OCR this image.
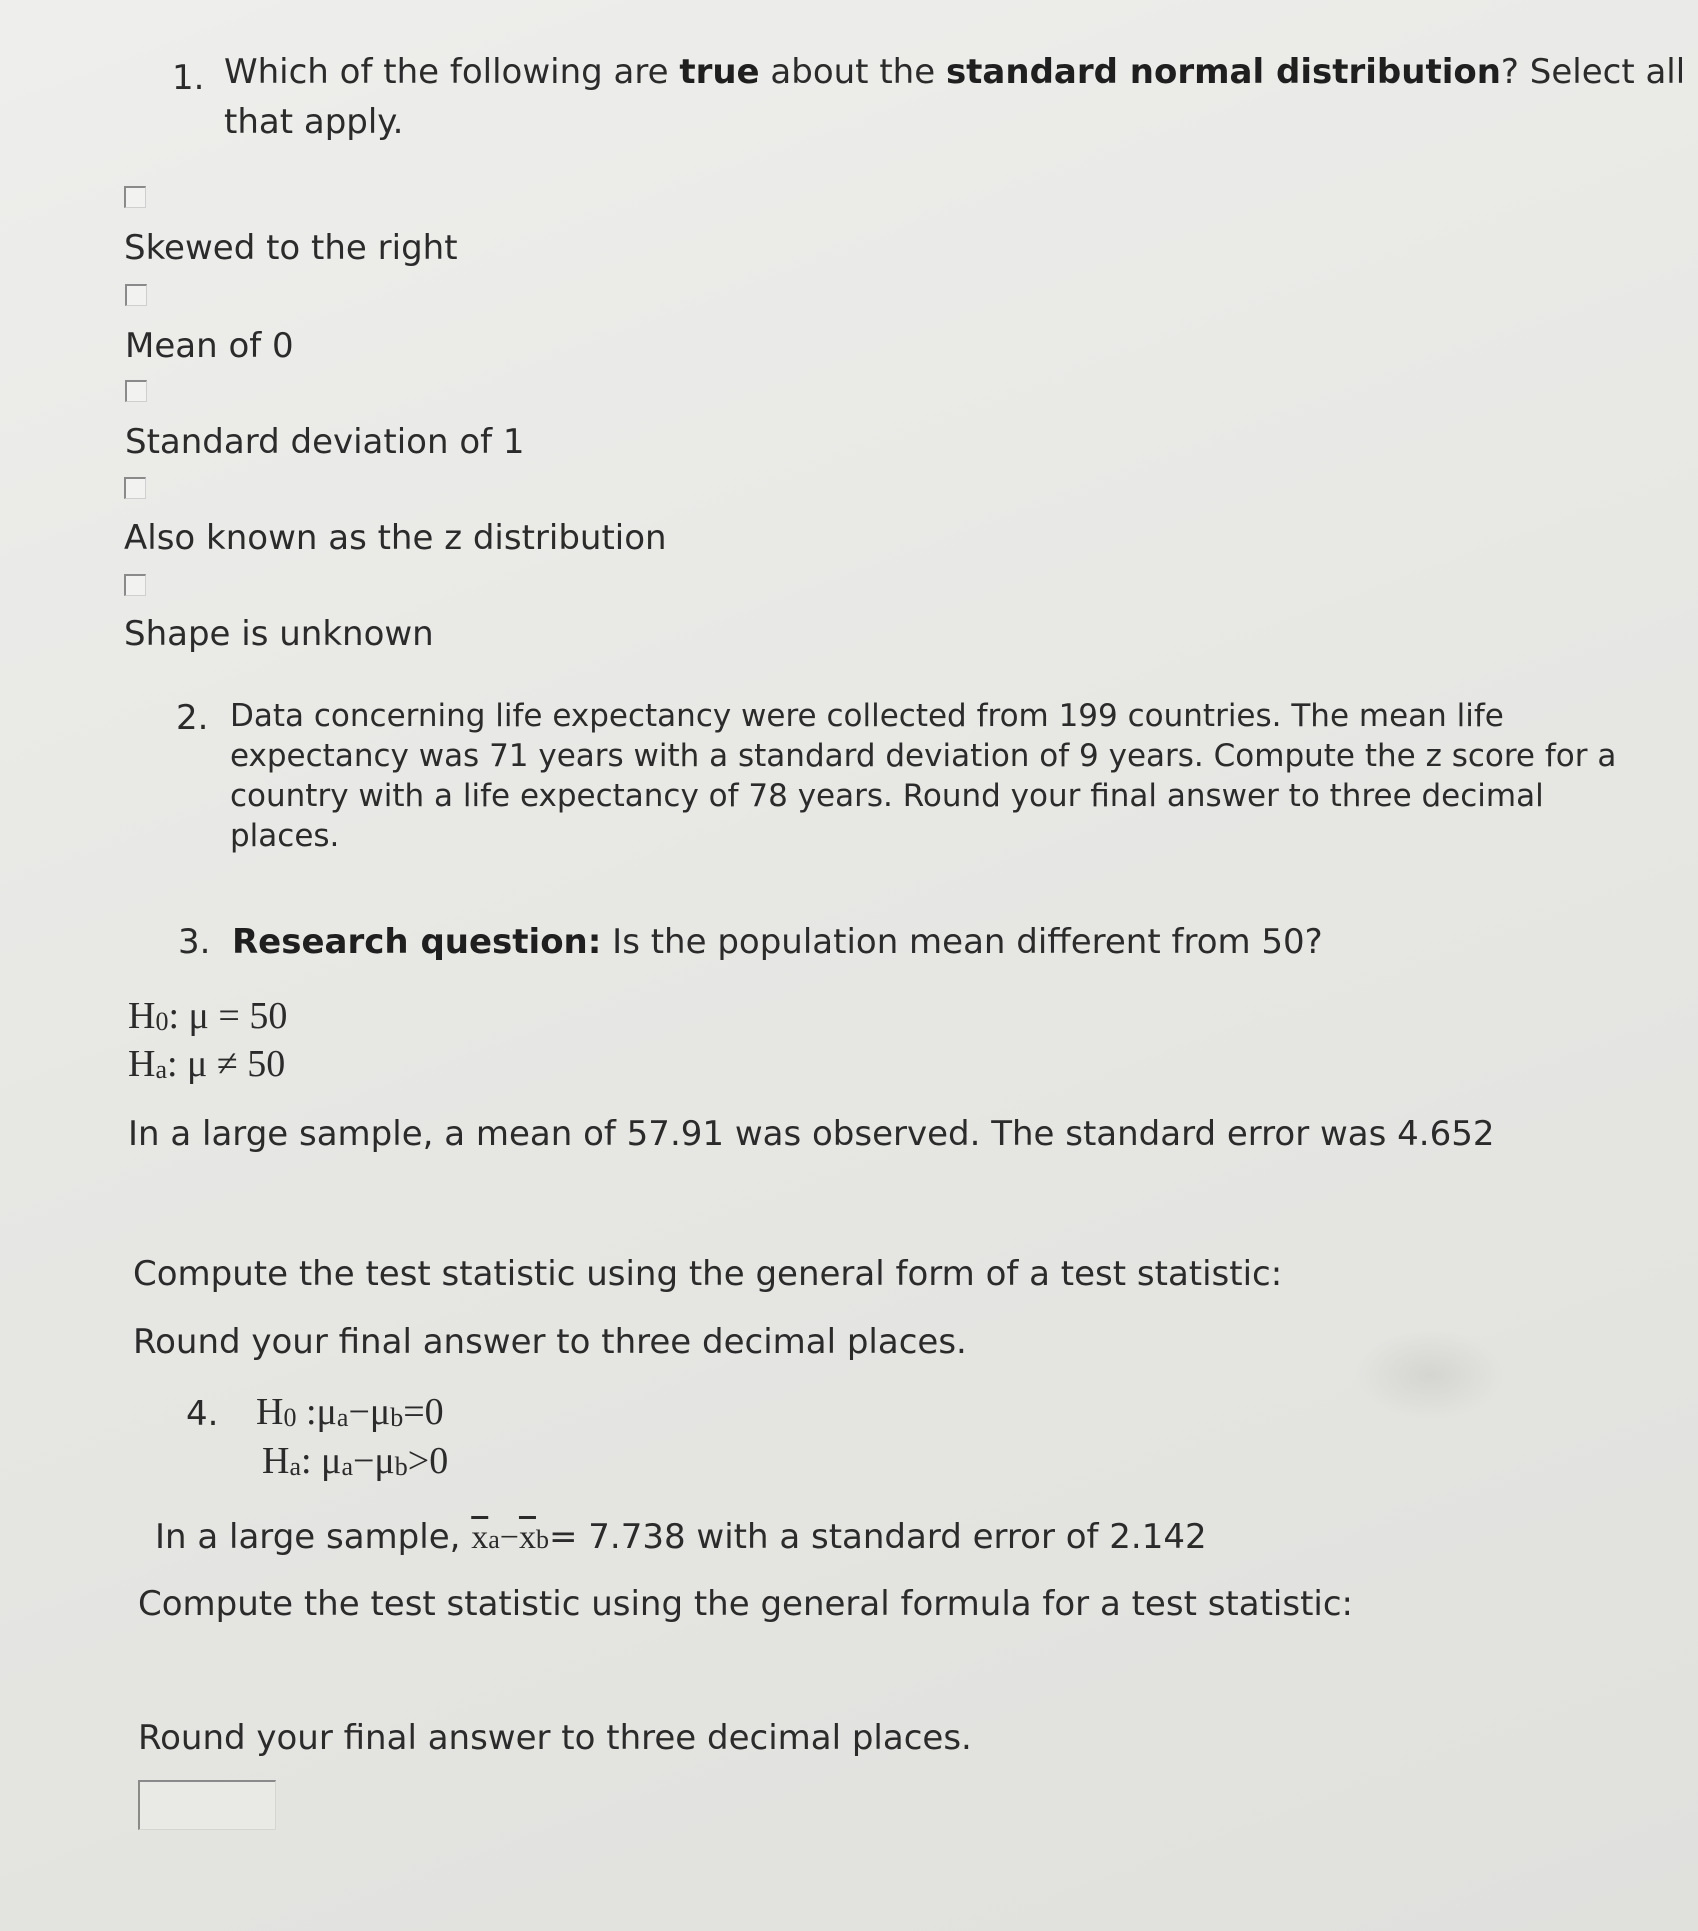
1. Which of the following are true about the standard normal distribution? Select all
that apply.
Skewed to the right
Mean of 0
Standard deviation of 1
Also known as the z distribution
Shape is unknown
2. Data concerning life expectancy were collected from 199 countries. The mean life
expectancy was 71 years with a standard deviation of 9 years. Compute the z score for a
country with a life expectancy of 78 years. Round your final answer to three decimal
places.
3. Research question: Is the population mean different from 50?
$H_0$: μ = 50
$H_a$: μ ≠ 50
In a large sample, a mean of 57.91 was observed. The standard error was 4.652
Compute the test statistic using the general form of a test statistic:
Round your final answer to three decimal places.
4. $H_0$ $:\mu_a-\mu_b=0$
$H_a$: $\mu_a-\mu_b>0$
In a large sample, $\overline{x}a-\overline{x}b= 7.738$ with a standard error of 2.142
Compute the test statistic using the general formula for a test statistic:
Round your final answer to three decimal places.
